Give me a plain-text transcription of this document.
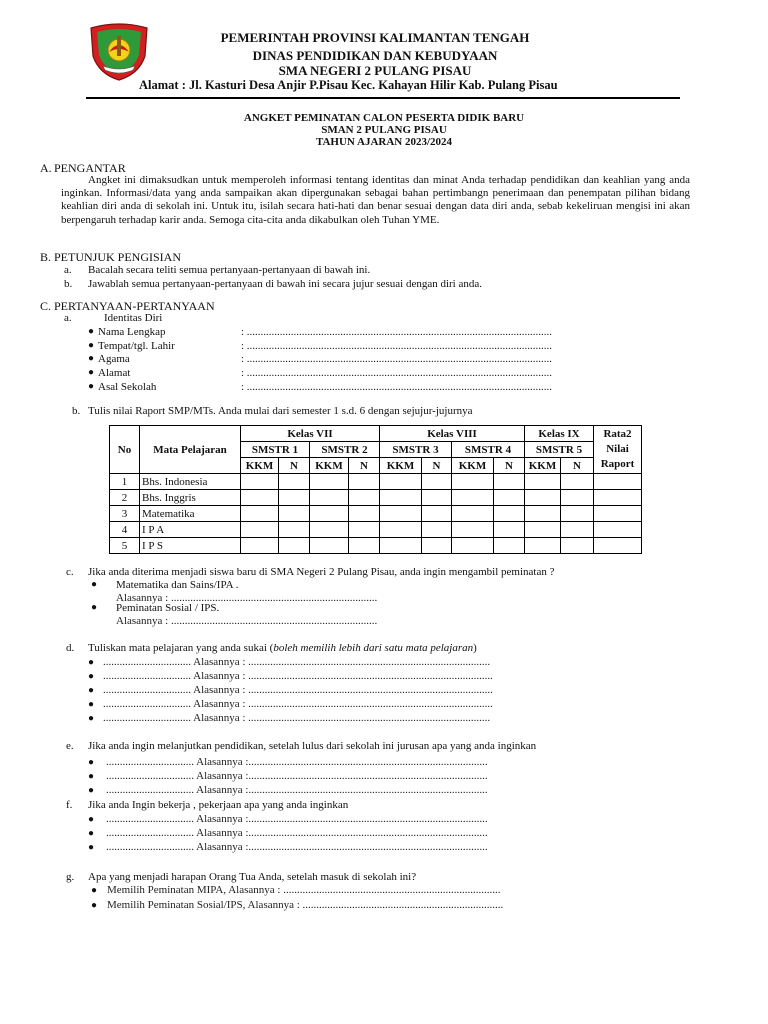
PEMERINTAH PROVINSI KALIMANTAN TENGAH
DINAS PENDIDIKAN DAN KEBUDYAAN
SMA NEGERI 2 PULANG PISAU
Alamat : Jl. Kasturi Desa Anjir P.Pisau Kec. Kahayan Hilir Kab. Pulang Pisau
ANGKET PEMINATAN CALON PESERTA DIDIK BARU
SMAN 2 PULANG PISAU
TAHUN AJARAN 2023/2024
A. PENGANTAR
Angket ini dimaksudkan untuk memperoleh informasi tentang identitas dan minat Anda terhadap pendidikan dan keahlian yang anda inginkan. Informasi/data yang anda sampaikan akan dipergunakan sebagai bahan pertimbangn penerimaan dan penempatan pilihan bidang keahlian diri anda di sekolah ini. Untuk itu, isilah secara hati-hati dan benar sesuai dengan data diri anda, sebab kekeliruan mengisi ini akan berpengaruh terhadap karir anda. Semoga cita-cita anda dikabulkan oleh Tuhan YME.
B. PETUNJUK PENGISIAN
a. Bacalah secara teliti semua pertanyaan-pertanyaan di bawah ini.
b. Jawablah semua pertanyaan-pertanyaan di bawah ini secara jujur sesuai dengan diri anda.
C. PERTANYAAN-PERTANYAAN
a.	Identitas Diri
● Nama Lengkap	: ...............................................................................................................
● Tempat/tgl. Lahir	: ...............................................................................................................
● Agama	: ...............................................................................................................
● Alamat	: ...............................................................................................................
● Asal Sekolah	: ...............................................................................................................
b. Tulis nilai Raport SMP/MTs. Anda mulai dari semester 1 s.d. 6 dengan sejujur-jujurnya
No	Mata Pelajaran	Kelas VII				Kelas VIII				Kelas IX		Rata2
Nilai
Raport

		SMSTR 1		SMSTR 2		SMSTR 3		SMSTR 4		SMSTR 5		
		KKM	N	KKM	N	KKM	N	KKM	N	KKM	N	
1	Bhs. Indonesia											
2	Bhs. Inggris											
3	Matematika											
4	I P A											
5	I P S											
c. Jika anda diterima menjadi siswa baru di SMA Negeri 2 Pulang Pisau, anda ingin mengambil peminatan ?
● Matematika dan Sains/IPA .
Alasannya : ...........................................................................
● Peminatan Sosial / IPS.
Alasannya : ...........................................................................
d. Tuliskan mata pelajaran yang anda sukai (boleh memilih lebih dari satu mata pelajaran)
● ................................ Alasannya : ........................................................................................
● ................................ Alasannya : .........................................................................................
● ................................ Alasannya : .........................................................................................
● ................................ Alasannya : .........................................................................................
● ................................ Alasannya : ........................................................................................
e. Jika anda ingin melanjutkan pendidikan, setelah lulus dari sekolah ini jurusan apa yang anda inginkan
● ................................ Alasannya :.......................................................................................
● ................................ Alasannya :.......................................................................................
● ................................ Alasannya :.......................................................................................
f. Jika anda Ingin bekerja , pekerjaan apa yang anda inginkan
● ................................ Alasannya :.......................................................................................
● ................................ Alasannya :.......................................................................................
● ................................ Alasannya :.......................................................................................
g. Apa yang menjadi harapan Orang Tua Anda, setelah masuk di sekolah ini?
● Memilih Peminatan MIPA, Alasannya : ...............................................................................
● Memilih Peminatan Sosial/IPS, Alasannya : .........................................................................
